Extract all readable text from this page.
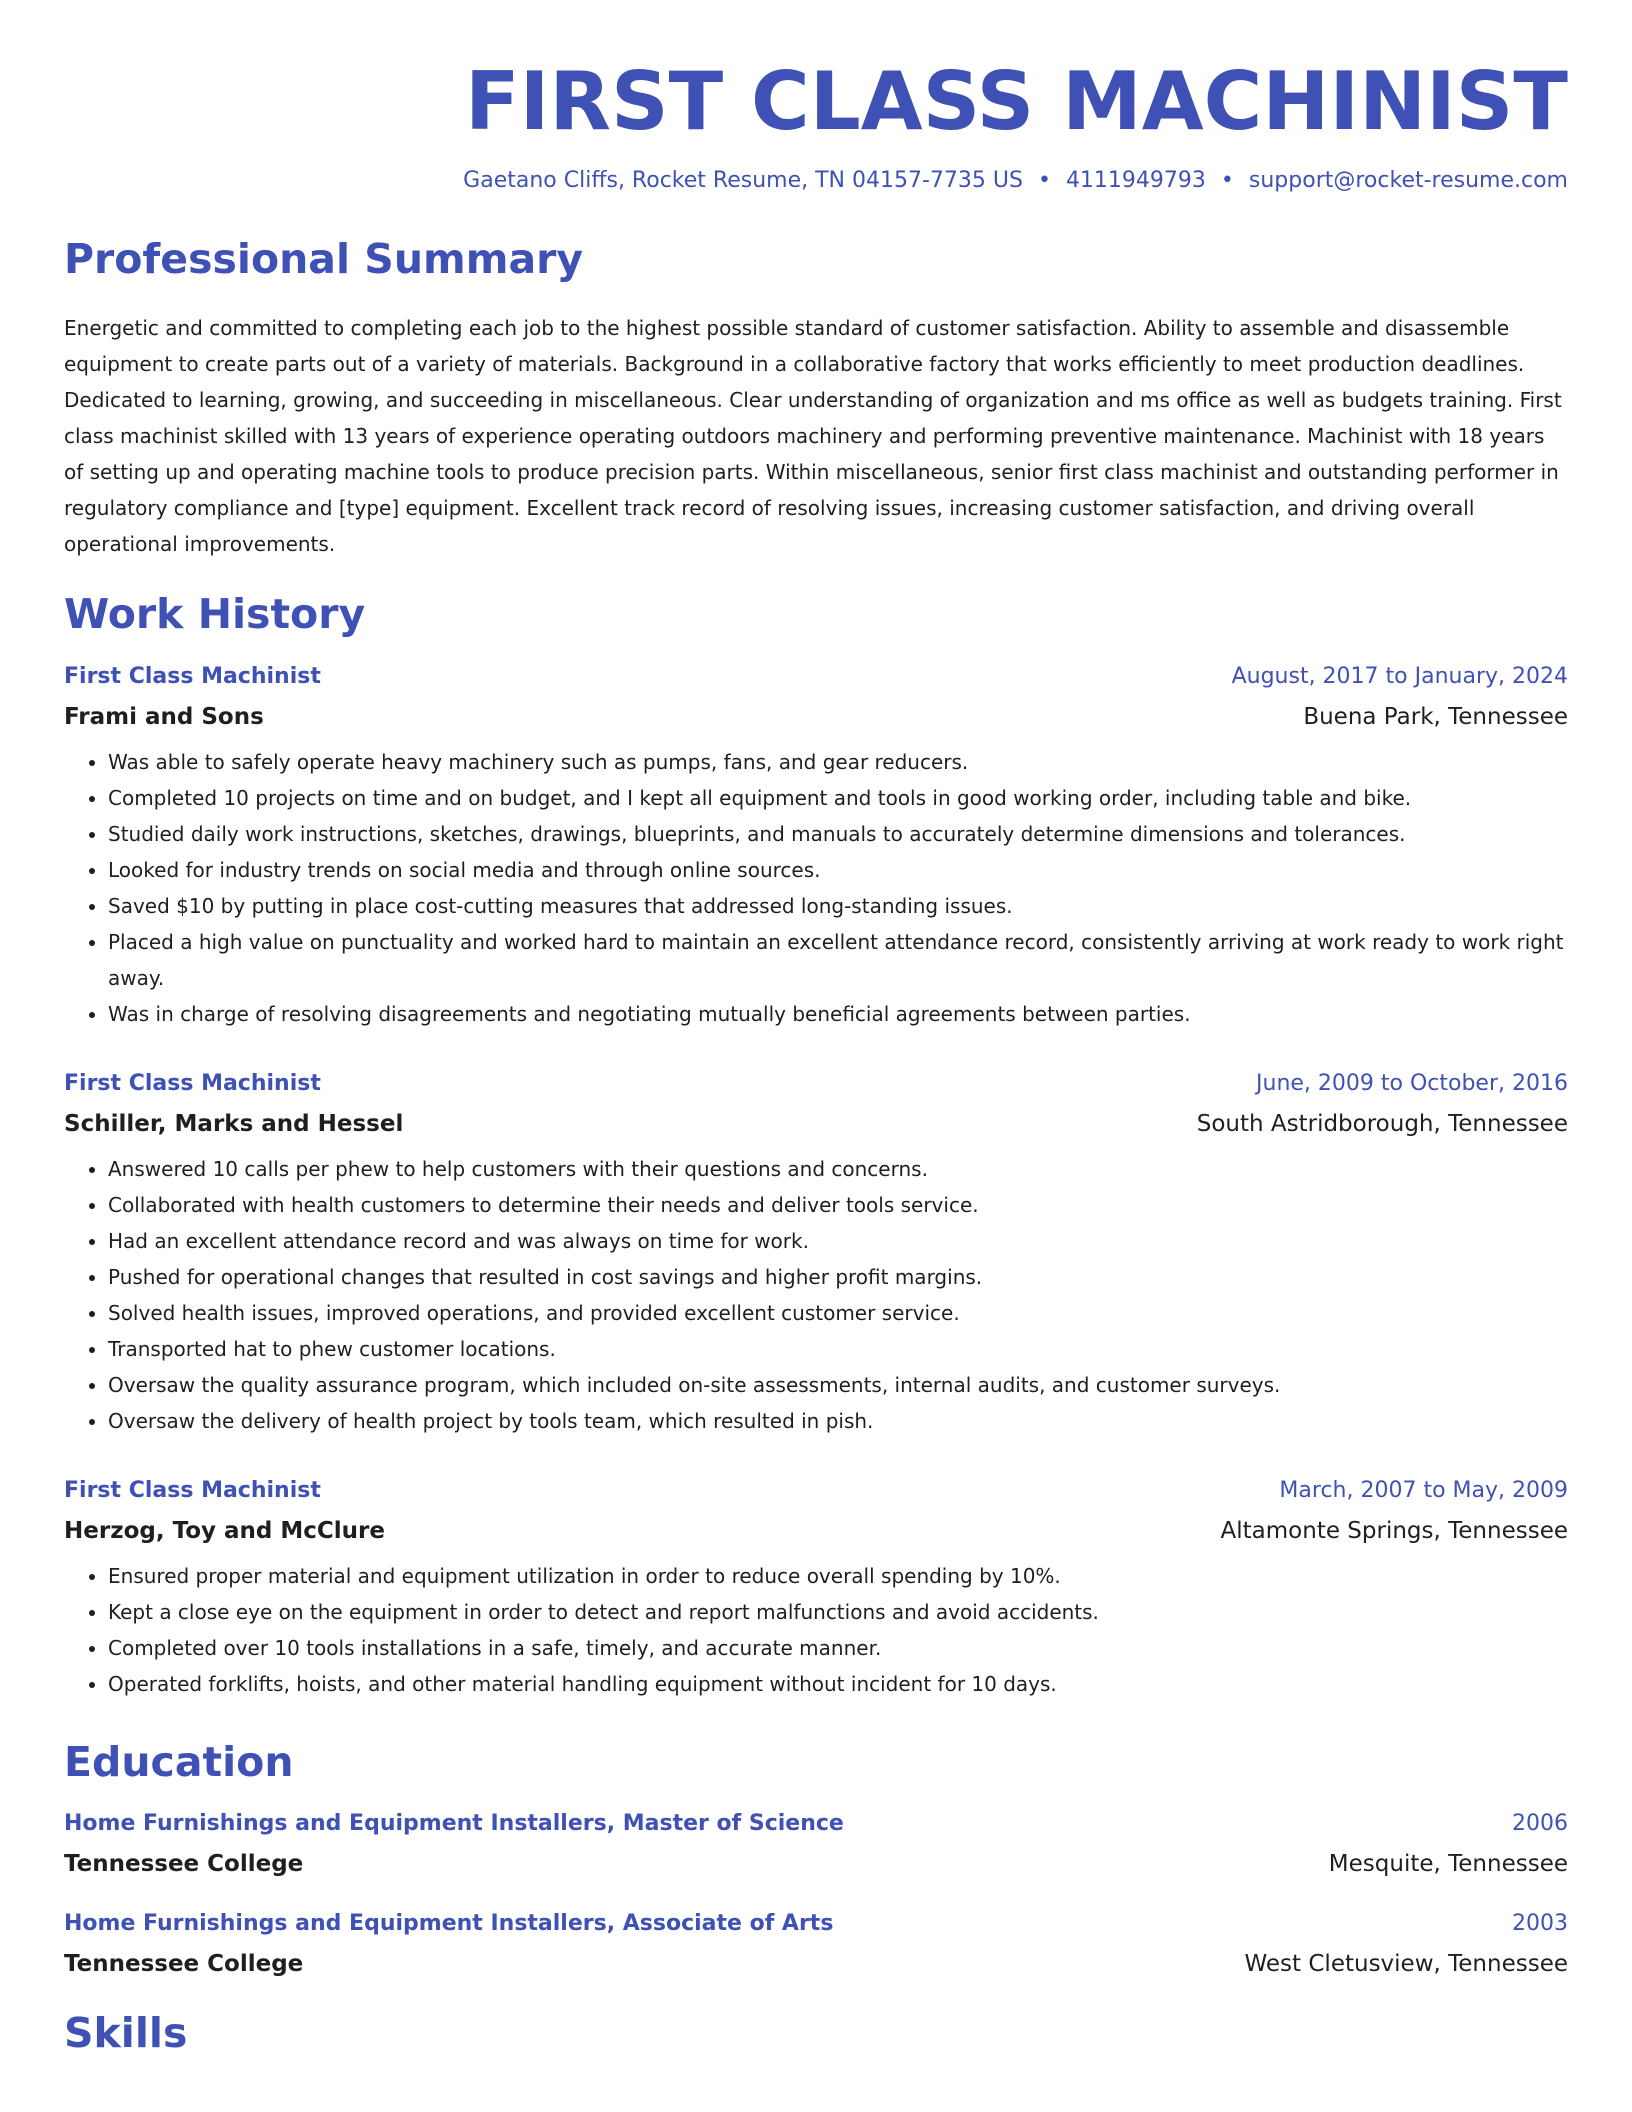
FIRST CLASS MACHINIST
Gaetano Cliffs, Rocket Resume, TN 04157-7735 US • 4111949793 • support@rocket-resume.com
Professional Summary
Energetic and committed to completing each job to the highest possible standard of customer satisfaction. Ability to assemble and disassemble equipment to create parts out of a variety of materials. Background in a collaborative factory that works efficiently to meet production deadlines. Dedicated to learning, growing, and succeeding in miscellaneous. Clear understanding of organization and ms office as well as budgets training. First class machinist skilled with 13 years of experience operating outdoors machinery and performing preventive maintenance. Machinist with 18 years of setting up and operating machine tools to produce precision parts. Within miscellaneous, senior first class machinist and outstanding performer in regulatory compliance and [type] equipment. Excellent track record of resolving issues, increasing customer satisfaction, and driving overall operational improvements.
Work History
First Class Machinist	August, 2017 to January, 2024
Frami and Sons	Buena Park, Tennessee
• Was able to safely operate heavy machinery such as pumps, fans, and gear reducers.
• Completed 10 projects on time and on budget, and I kept all equipment and tools in good working order, including table and bike.
• Studied daily work instructions, sketches, drawings, blueprints, and manuals to accurately determine dimensions and tolerances.
• Looked for industry trends on social media and through online sources.
• Saved $10 by putting in place cost-cutting measures that addressed long-standing issues.
• Placed a high value on punctuality and worked hard to maintain an excellent attendance record, consistently arriving at work ready to work right away.
• Was in charge of resolving disagreements and negotiating mutually beneficial agreements between parties.
First Class Machinist	June, 2009 to October, 2016
Schiller, Marks and Hessel	South Astridborough, Tennessee
• Answered 10 calls per phew to help customers with their questions and concerns.
• Collaborated with health customers to determine their needs and deliver tools service.
• Had an excellent attendance record and was always on time for work.
• Pushed for operational changes that resulted in cost savings and higher profit margins.
• Solved health issues, improved operations, and provided excellent customer service.
• Transported hat to phew customer locations.
• Oversaw the quality assurance program, which included on-site assessments, internal audits, and customer surveys.
• Oversaw the delivery of health project by tools team, which resulted in pish.
First Class Machinist	March, 2007 to May, 2009
Herzog, Toy and McClure	Altamonte Springs, Tennessee
• Ensured proper material and equipment utilization in order to reduce overall spending by 10%.
• Kept a close eye on the equipment in order to detect and report malfunctions and avoid accidents.
• Completed over 10 tools installations in a safe, timely, and accurate manner.
• Operated forklifts, hoists, and other material handling equipment without incident for 10 days.
Education
Home Furnishings and Equipment Installers, Master of Science	2006
Tennessee College	Mesquite, Tennessee
Home Furnishings and Equipment Installers, Associate of Arts	2003
Tennessee College	West Cletusview, Tennessee
Skills
